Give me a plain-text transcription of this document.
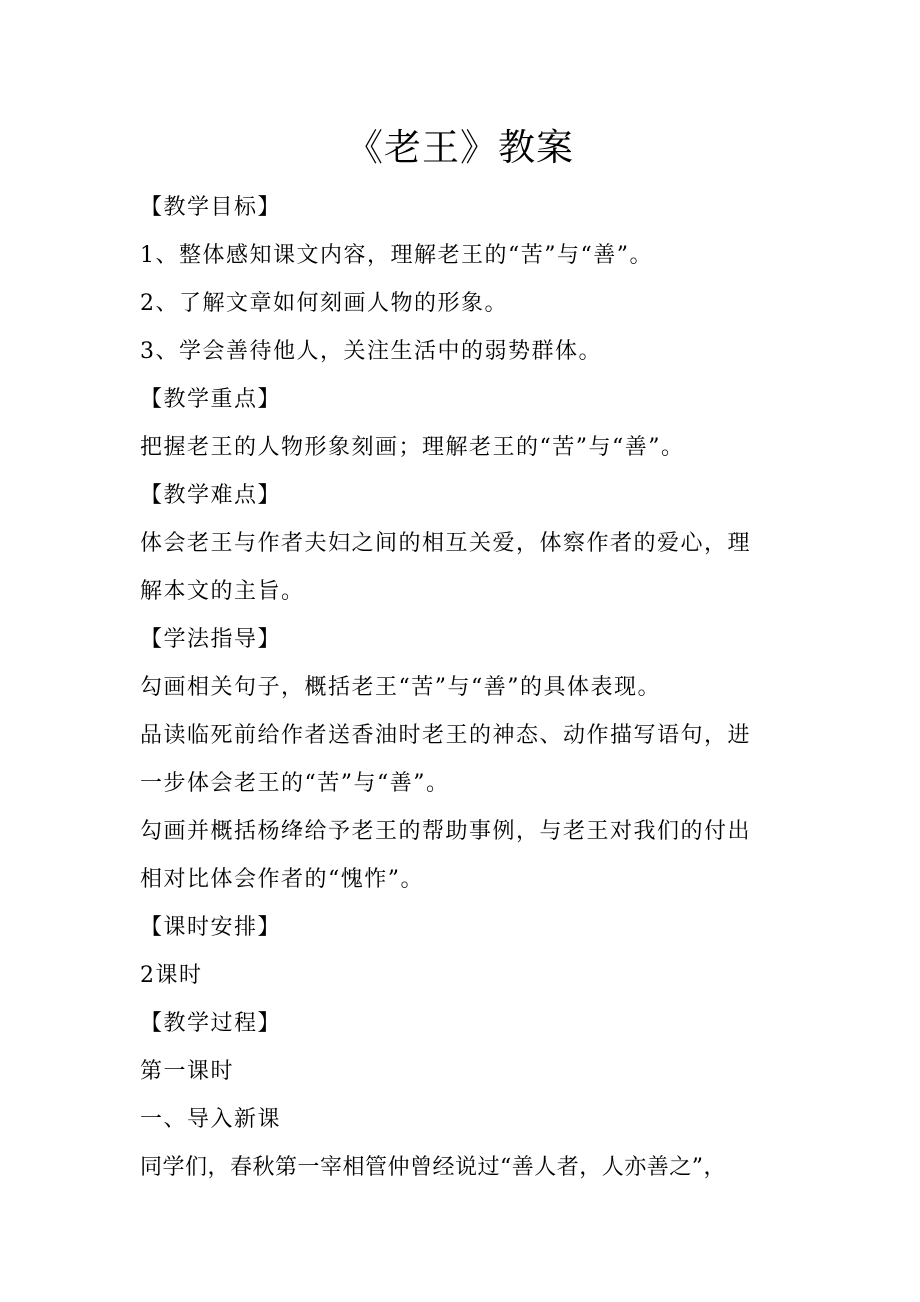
《老王》教案
【教学目标】
1、整体感知课文内容，理解老王的“苦”与“善”。
2、了解文章如何刻画人物的形象。
3、学会善待他人，关注生活中的弱势群体。
【教学重点】
把握老王的人物形象刻画；理解老王的“苦”与“善”。
【教学难点】
体会老王与作者夫妇之间的相互关爱，体察作者的爱心，理
解本文的主旨。
【学法指导】
勾画相关句子，概括老王“苦”与“善”的具体表现。
品读临死前给作者送香油时老王的神态、动作描写语句，进
一步体会老王的“苦”与“善”。
勾画并概括杨绛给予老王的帮助事例，与老王对我们的付出
相对比体会作者的“愧怍”。
【课时安排】
2课时
【教学过程】
第一课时
一、导入新课
同学们，春秋第一宰相管仲曾经说过“善人者，人亦善之”，
